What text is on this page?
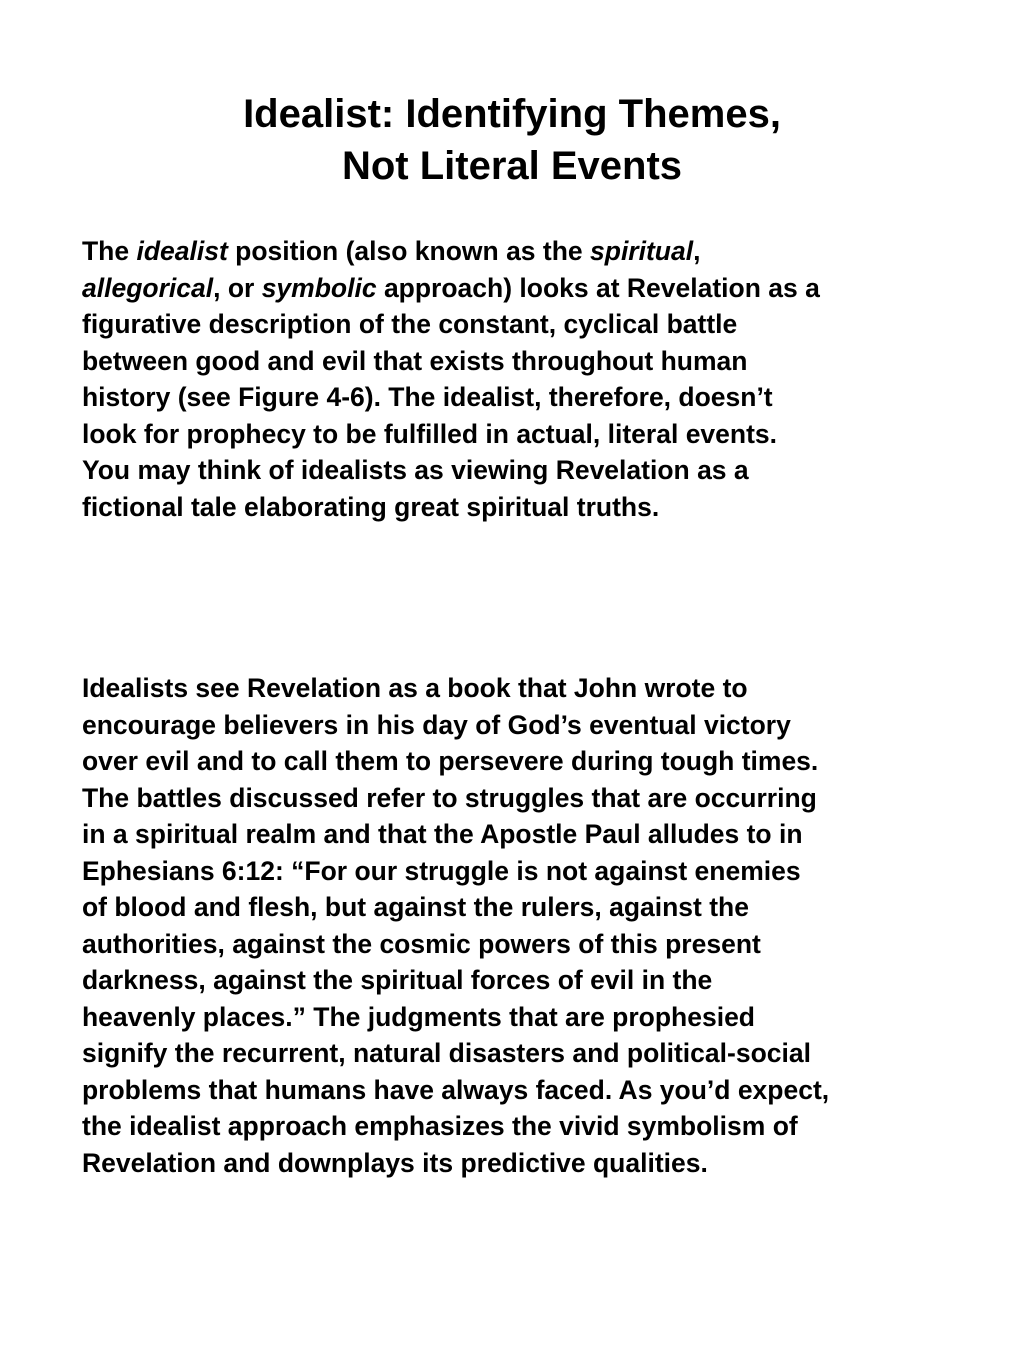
Idealist: Identifying Themes,
Not Literal Events

The idealist position (also known as the spiritual,
allegorical, or symbolic approach) looks at Revelation as a
figurative description of the constant, cyclical battle
between good and evil that exists throughout human
history (see Figure 4-6). The idealist, therefore, doesn’t
look for prophecy to be fulfilled in actual, literal events.
You may think of idealists as viewing Revelation as a
fictional tale elaborating great spiritual truths.

Idealists see Revelation as a book that John wrote to
encourage believers in his day of God’s eventual victory
over evil and to call them to persevere during tough times.
The battles discussed refer to struggles that are occurring
in a spiritual realm and that the Apostle Paul alludes to in
Ephesians 6:12: “For our struggle is not against enemies
of blood and flesh, but against the rulers, against the
authorities, against the cosmic powers of this present
darkness, against the spiritual forces of evil in the
heavenly places.” The judgments that are prophesied
signify the recurrent, natural disasters and political-social
problems that humans have always faced. As you’d expect,
the idealist approach emphasizes the vivid symbolism of
Revelation and downplays its predictive qualities.
